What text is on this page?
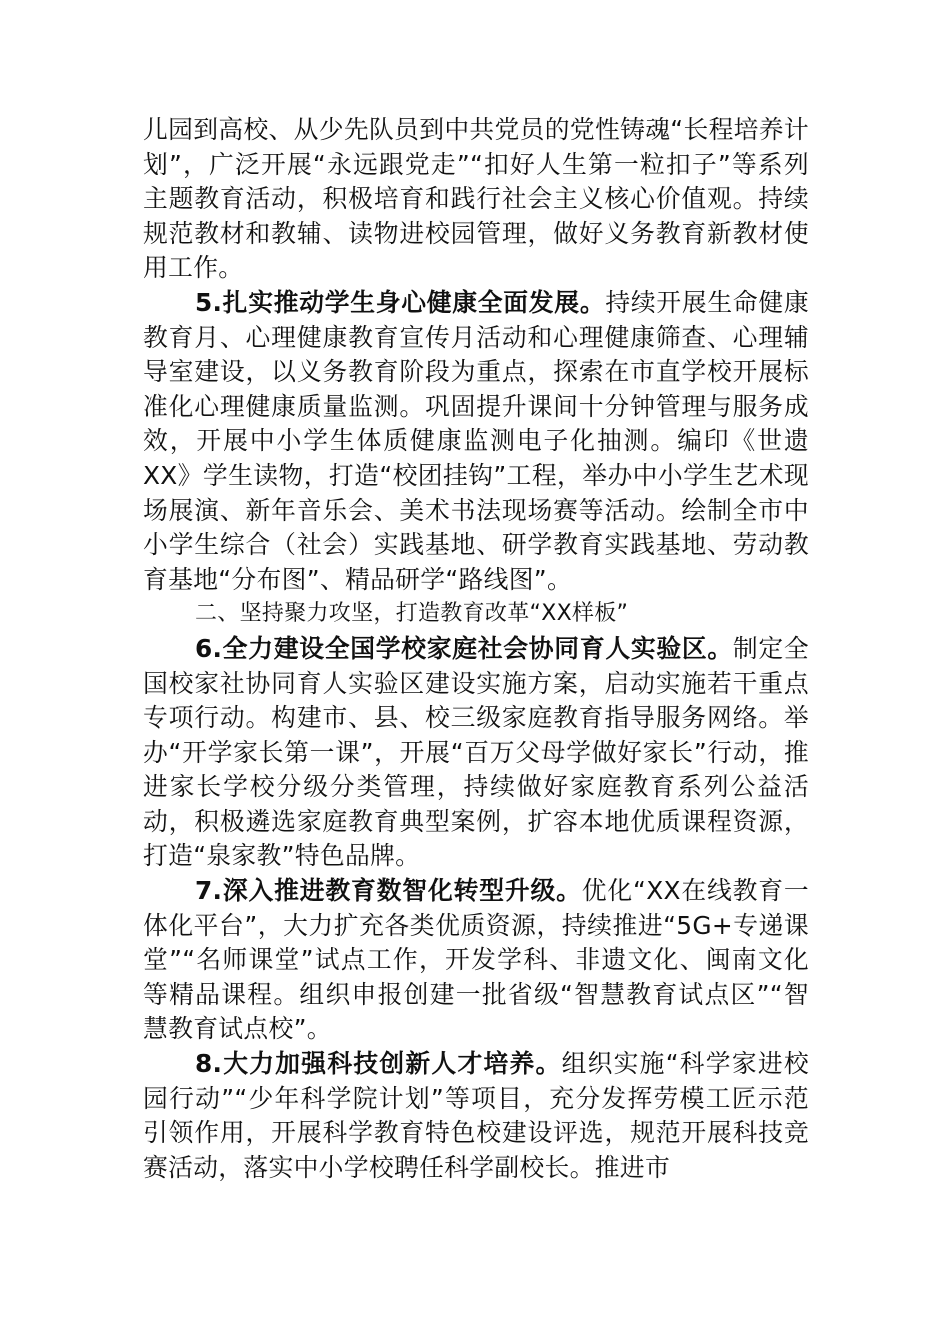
儿园到高校、从少先队员到中共党员的党性铸魂“长程培养计划”，广泛开展“永远跟党走”“扣好人生第一粒扣子”等系列主题教育活动，积极培育和践行社会主义核心价值观。持续规范教材和教辅、读物进校园管理，做好义务教育新教材使用工作。

5.扎实推动学生身心健康全面发展。持续开展生命健康教育月、心理健康教育宣传月活动和心理健康筛查、心理辅导室建设，以义务教育阶段为重点，探索在市直学校开展标准化心理健康质量监测。巩固提升课间十分钟管理与服务成效，开展中小学生体质健康监测电子化抽测。编印《世遗XX》学生读物，打造“校团挂钩”工程，举办中小学生艺术现场展演、新年音乐会、美术书法现场赛等活动。绘制全市中小学生综合（社会）实践基地、研学教育实践基地、劳动教育基地“分布图”、精品研学“路线图”。

二、坚持聚力攻坚，打造教育改革“XX样板”

6.全力建设全国学校家庭社会协同育人实验区。制定全国校家社协同育人实验区建设实施方案，启动实施若干重点专项行动。构建市、县、校三级家庭教育指导服务网络。举办“开学家长第一课”，开展“百万父母学做好家长”行动，推进家长学校分级分类管理，持续做好家庭教育系列公益活动，积极遴选家庭教育典型案例，扩容本地优质课程资源，打造“泉家教”特色品牌。

7.深入推进教育数智化转型升级。优化“XX在线教育一体化平台”，大力扩充各类优质资源，持续推进“5G+专递课堂”“名师课堂”试点工作，开发学科、非遗文化、闽南文化等精品课程。组织申报创建一批省级“智慧教育试点区”“智慧教育试点校”。

8.大力加强科技创新人才培养。组织实施“科学家进校园行动”“少年科学院计划”等项目，充分发挥劳模工匠示范引领作用，开展科学教育特色校建设评选，规范开展科技竞赛活动，落实中小学校聘任科学副校长。推进市
